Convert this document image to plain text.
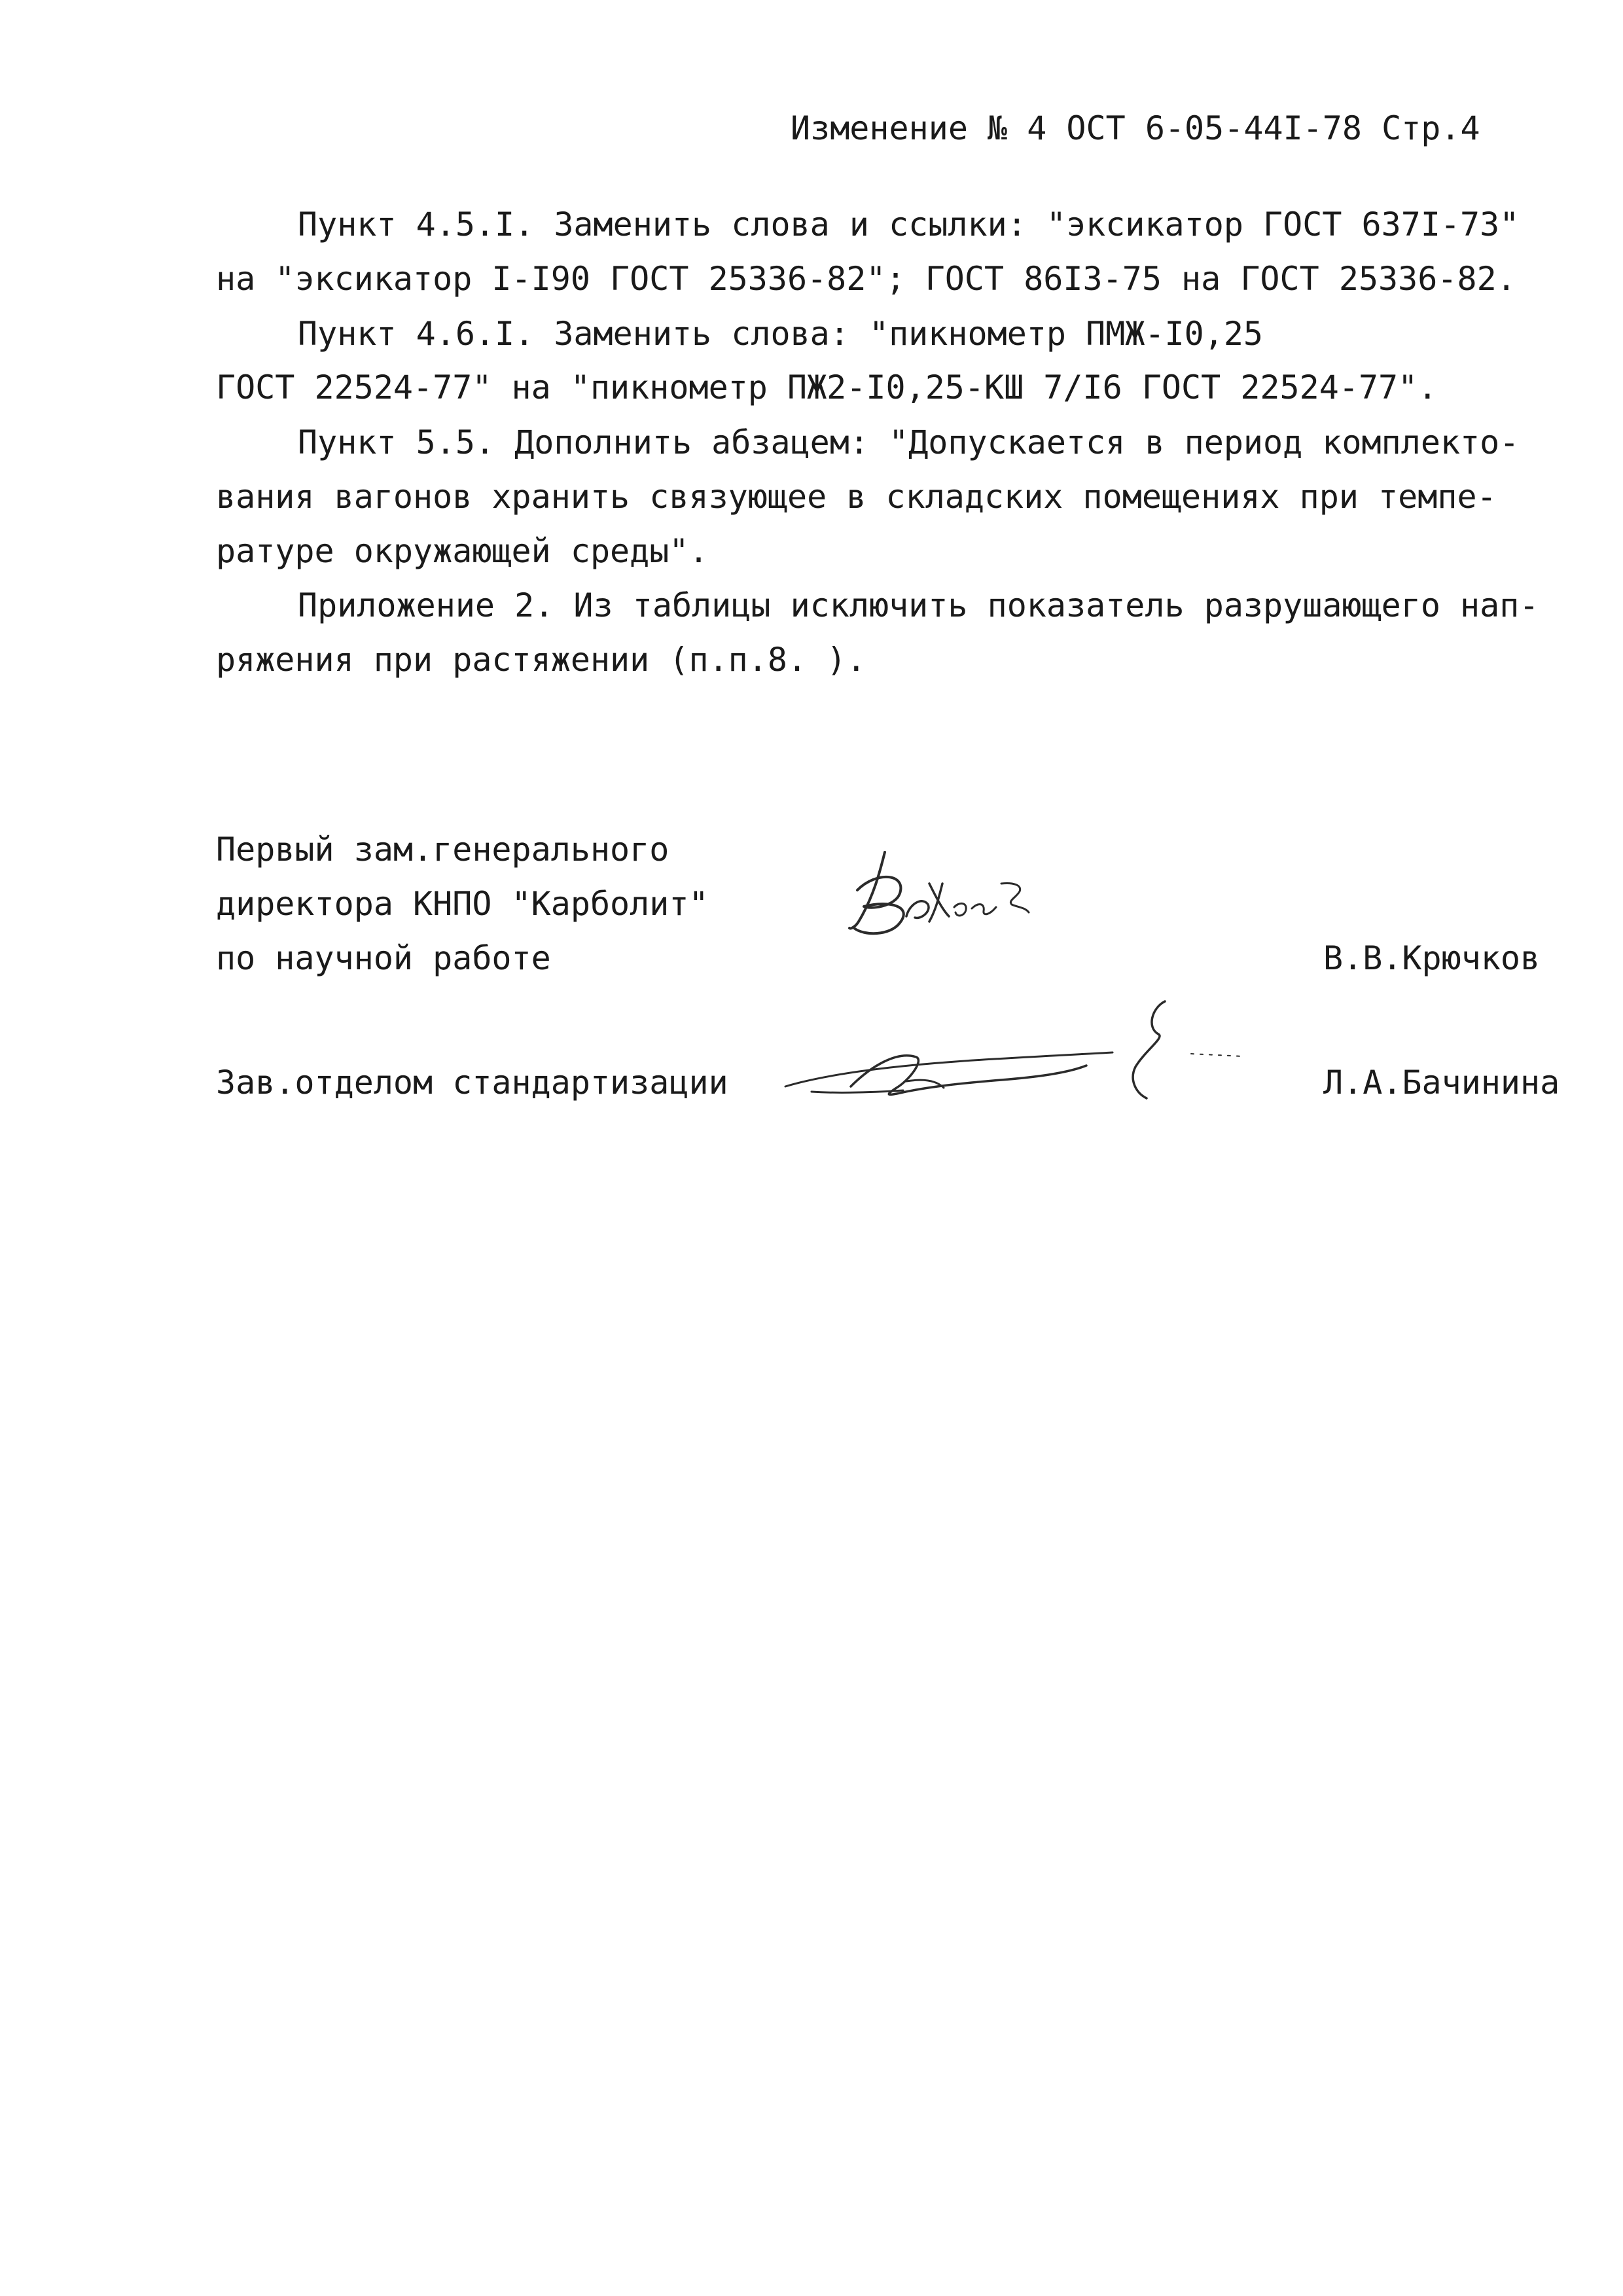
Изменение № 4 ОСТ 6-05-44I-78 Стр.4
Пункт 4.5.I. Заменить слова и ссылки: "эксикатор ГОСТ 637I-73"
на "эксикатор I-I90 ГОСТ 25336-82"; ГОСТ 86I3-75 на ГОСТ 25336-82.
Пункт 4.6.I. Заменить слова: "пикнометр ПМЖ-I0,25
ГОСТ 22524-77" на "пикнометр ПЖ2-I0,25-КШ 7/I6 ГОСТ 22524-77".
Пункт 5.5. Дополнить абзацем: "Допускается в период комплекто-
вания вагонов хранить связующее в складских помещениях при темпе-
ратуре окружающей среды".
Приложение 2. Из таблицы исключить показатель разрушающего нап-
ряжения при растяжении (п.п.8. ).
Первый зам.генерального
директора КНПО "Карболит"
по научной работе	В.В.Крючков
Зав.отделом стандартизации	Л.А.Бачинина
